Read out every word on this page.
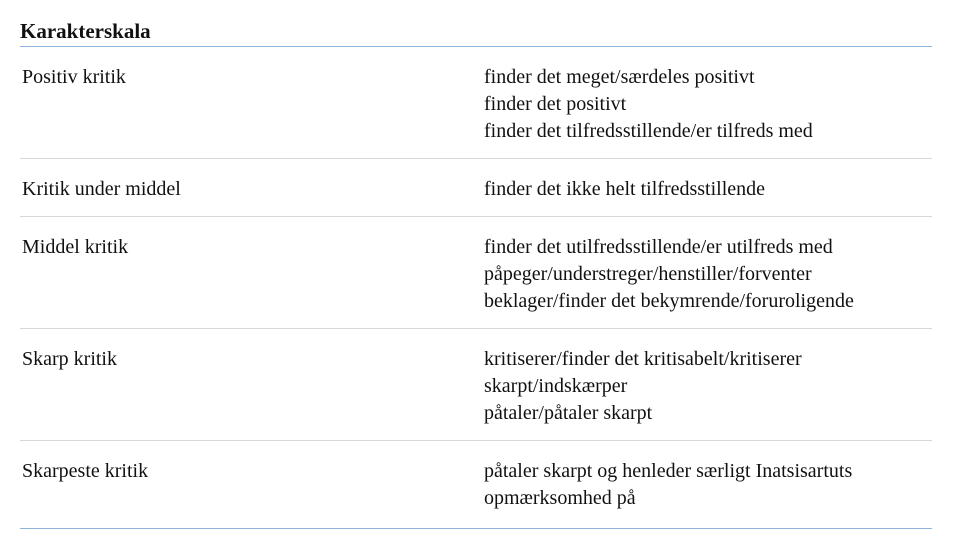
Karakterskala
Positiv kritik	finder det meget/særdeles positivt
finder det positivt
finder det tilfredsstillende/er tilfreds med
Kritik under middel	finder det ikke helt tilfredsstillende
Middel kritik	finder det utilfredsstillende/er utilfreds med
påpeger/understreger/henstiller/forventer
beklager/finder det bekymrende/foruroligende
Skarp kritik	kritiserer/finder det kritisabelt/kritiserer
skarpt/indskærper
påtaler/påtaler skarpt
Skarpeste kritik	påtaler skarpt og henleder særligt Inatsisartuts
opmærksomhed på
